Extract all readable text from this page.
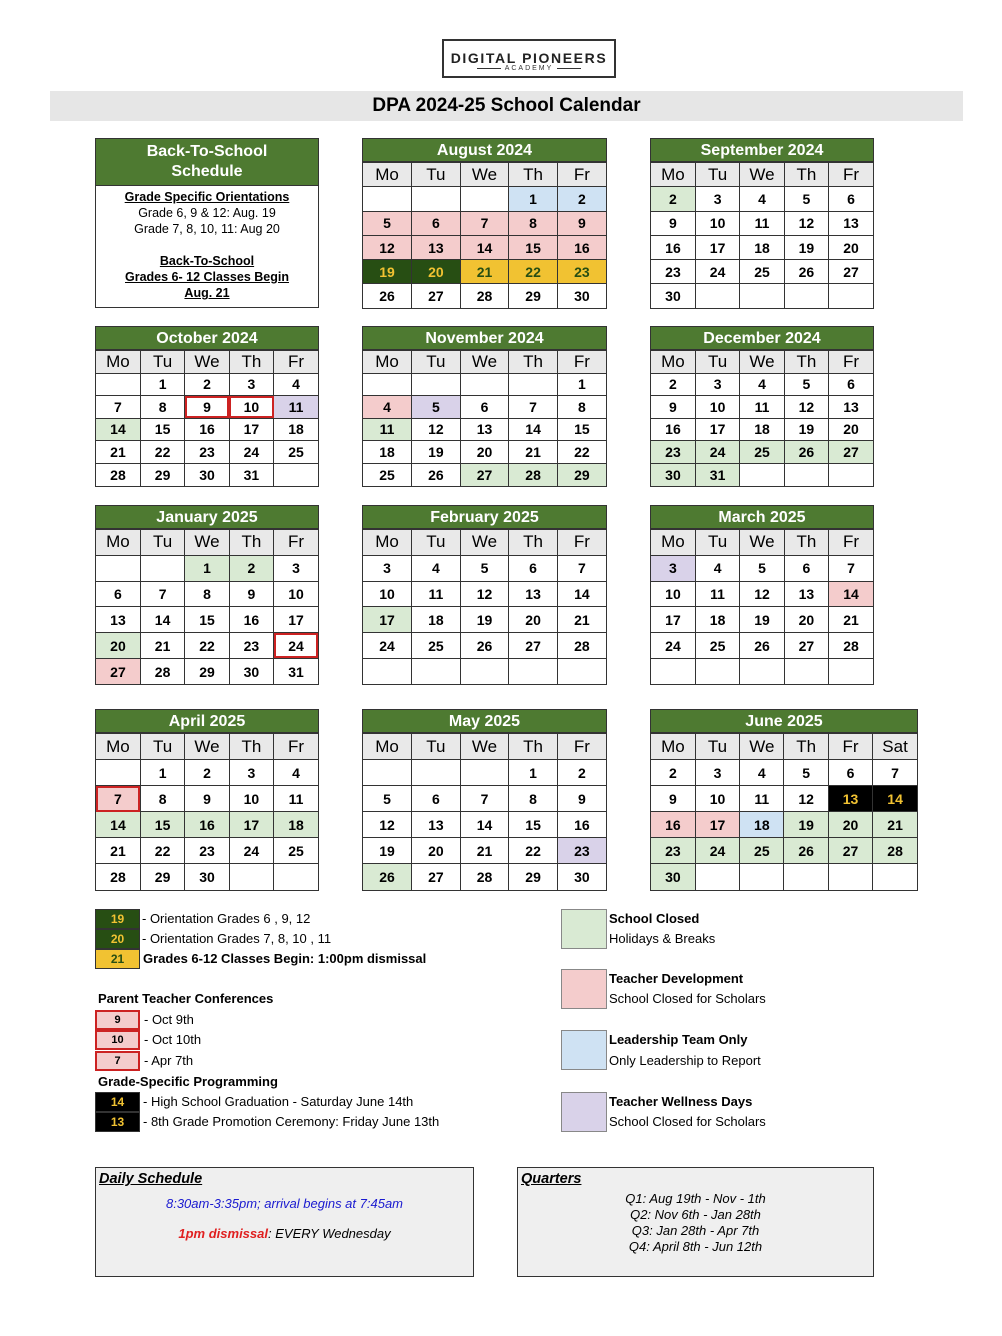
DIGITAL PIONEERS
ACADEMY
DPA 2024-25 School Calendar
Back-To-School
Schedule
Grade Specific Orientations
Grade 6, 9 & 12: Aug. 19
Grade 7, 8, 10, 11: Aug 20
Back-To-School
Grades 6- 12 Classes Begin
Aug. 21
August 2024
Mo	Tu	We	Th	Fr
			1	2
5	6	7	8	9
12	13	14	15	16
19	20	21	22	23
26	27	28	29	30
September 2024
Mo	Tu	We	Th	Fr
2	3	4	5	6
9	10	11	12	13
16	17	18	19	20
23	24	25	26	27
30				
October 2024
Mo	Tu	We	Th	Fr
	1	2	3	4
7	8	9	10	11
14	15	16	17	18
21	22	23	24	25
28	29	30	31	
November 2024
Mo	Tu	We	Th	Fr
				1
4	5	6	7	8
11	12	13	14	15
18	19	20	21	22
25	26	27	28	29
December 2024
Mo	Tu	We	Th	Fr
2	3	4	5	6
9	10	11	12	13
16	17	18	19	20
23	24	25	26	27
30	31			
January 2025
Mo	Tu	We	Th	Fr
		1	2	3
6	7	8	9	10
13	14	15	16	17
20	21	22	23	24
27	28	29	30	31
February 2025
Mo	Tu	We	Th	Fr
3	4	5	6	7
10	11	12	13	14
17	18	19	20	21
24	25	26	27	28

March 2025
Mo	Tu	We	Th	Fr
3	4	5	6	7
10	11	12	13	14
17	18	19	20	21
24	25	26	27	28

April 2025
Mo	Tu	We	Th	Fr
	1	2	3	4
7	8	9	10	11
14	15	16	17	18
21	22	23	24	25
28	29	30		
May 2025
Mo	Tu	We	Th	Fr
			1	2
5	6	7	8	9
12	13	14	15	16
19	20	21	22	23
26	27	28	29	30
June 2025
Mo	Tu	We	Th	Fr	Sat
2	3	4	5	6	7
9	10	11	12	13	14
16	17	18	19	20	21
23	24	25	26	27	28
30					
19	- Orientation Grades 6 , 9, 12
20	- Orientation Grades 7, 8, 10 , 11
21	Grades 6-12 Classes Begin: 1:00pm dismissal
Parent Teacher Conferences
9	- Oct 9th
10	- Oct 10th
7	- Apr 7th
Grade-Specific Programming
14	- High School Graduation - Saturday June 14th
13	- 8th Grade Promotion Ceremony: Friday June 13th
School Closed
Holidays & Breaks
Teacher Development
School Closed for Scholars
Leadership Team Only
Only Leadership to Report
Teacher Wellness Days
School Closed for Scholars
Daily Schedule
8:30am-3:35pm; arrival begins at 7:45am
1pm dismissal: EVERY Wednesday
Quarters
Q1: Aug 19th - Nov - 1th
Q2: Nov 6th - Jan 28th
Q3: Jan 28th - Apr 7th
Q4: April 8th - Jun 12th
